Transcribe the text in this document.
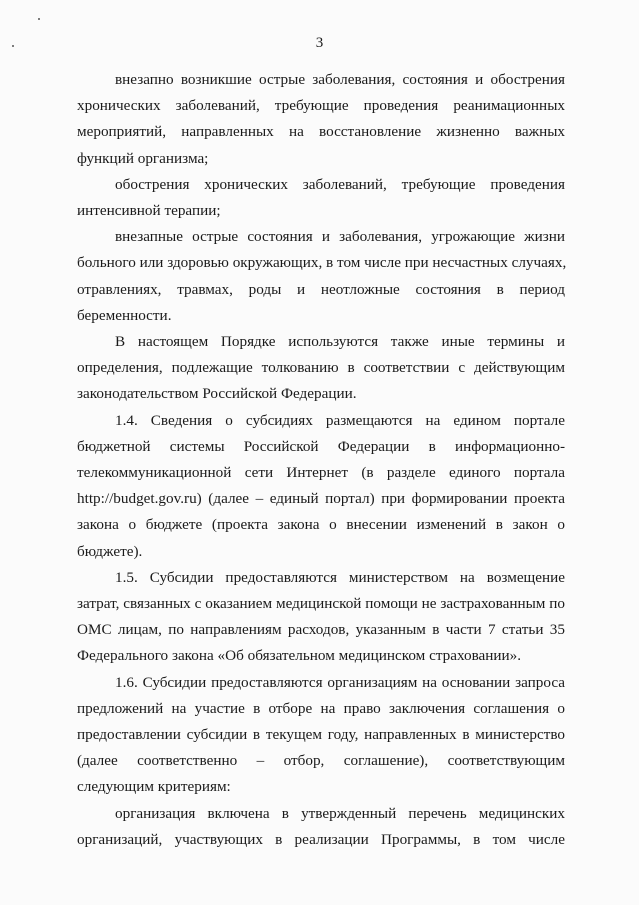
3
внезапно возникшие острые заболевания, состояния и обострения
хронических заболеваний, требующие проведения реанимационных
мероприятий, направленных на восстановление жизненно важных
функций организма;
обострения хронических заболеваний, требующие проведения
интенсивной терапии;
внезапные острые состояния и заболевания, угрожающие жизни
больного или здоровью окружающих, в том числе при несчастных случаях,
отравлениях, травмах, роды и неотложные состояния в период
беременности.
В настоящем Порядке используются также иные термины и
определения, подлежащие толкованию в соответствии с действующим
законодательством Российской Федерации.
1.4. Сведения о субсидиях размещаются на едином портале
бюджетной системы Российской Федерации в информационно-
телекоммуникационной сети Интернет (в разделе единого портала
http://budget.gov.ru) (далее – единый портал) при формировании проекта
закона о бюджете (проекта закона о внесении изменений в закон о
бюджете).
1.5. Субсидии предоставляются министерством на возмещение
затрат, связанных с оказанием медицинской помощи не застрахованным по
ОМС лицам, по направлениям расходов, указанным в части 7 статьи 35
Федерального закона «Об обязательном медицинском страховании».
1.6. Субсидии предоставляются организациям на основании запроса
предложений на участие в отборе на право заключения соглашения о
предоставлении субсидии в текущем году, направленных в министерство
(далее соответственно – отбор, соглашение), соответствующим
следующим критериям:
организация включена в утвержденный перечень медицинских
организаций, участвующих в реализации Программы, в том числе
